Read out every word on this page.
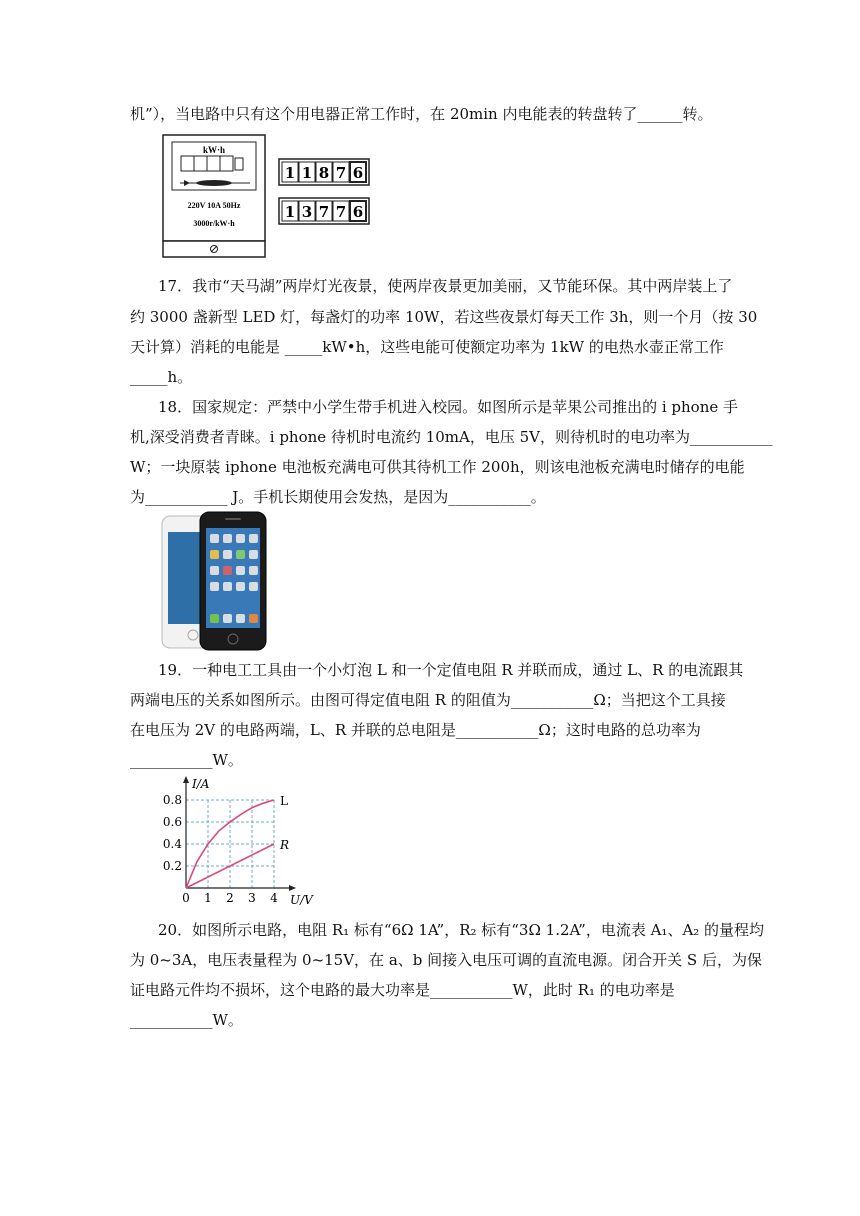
机”），当电路中只有这个用电器正常工作时，在 20min 内电能表的转盘转了______转。
kW·h
220V 10A 50Hz
3000r/kW·h
1 1 8 7 6
1 3 7 7 6
17．我市“天马湖”两岸灯光夜景，使两岸夜景更加美丽，又节能环保。其中两岸装上了
约 3000 盏新型 LED 灯，每盏灯的功率 10W，若这些夜景灯每天工作 3h，则一个月（按 30
天计算）消耗的电能是 _____kW•h，这些电能可使额定功率为 1kW 的电热水壶正常工作
_____h。
18．国家规定：严禁中小学生带手机进入校园。如图所示是苹果公司推出的 i phone 手
机,深受消费者青睐。i phone 待机时电流约 10mA，电压 5V，则待机时的电功率为___________
W；一块原装 iphone 电池板充满电可供其待机工作 200h，则该电池板充满电时储存的电能
为___________ J。手机长期使用会发热，是因为___________。
19．一种电工工具由一个小灯泡 L 和一个定值电阻 R 并联而成，通过 L、R 的电流跟其
两端电压的关系如图所示。由图可得定值电阻 R 的阻值为___________Ω；当把这个工具接
在电压为 2V 的电路两端，L、R 并联的总电阻是___________Ω；这时电路的总功率为
___________W。
0 1 2 3 4
0.2
0.4
0.6
0.8	L
R
I/A
U/V
20．如图所示电路，电阻 R₁ 标有“6Ω 1A”，R₂ 标有“3Ω 1.2A”，电流表 A₁、A₂ 的量程均
为 0~3A，电压表量程为 0~15V，在 a、b 间接入电压可调的直流电源。闭合开关 S 后，为保
证电路元件均不损坏，这个电路的最大功率是___________W，此时 R₁ 的电功率是
___________W。
